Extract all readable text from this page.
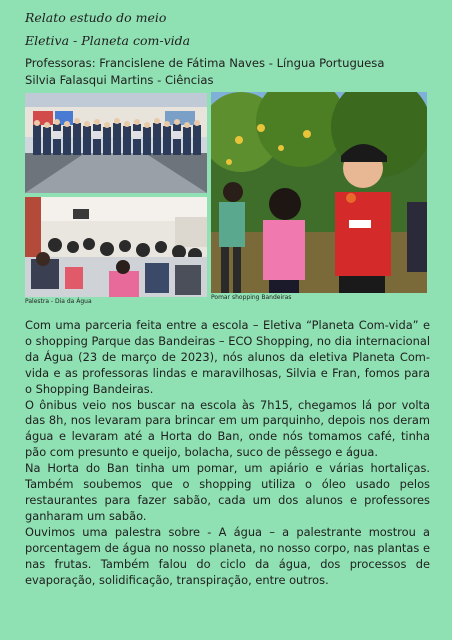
Relato estudo do meio
Eletiva - Planeta com-vida
Professoras: Francislene de Fátima Naves - Língua Portuguesa
Silvia Falasqui Martins - Ciências
Palestra - Dia da Água
Pomar shopping Bandeiras

Com uma parceria feita entre a escola – Eletiva “Planeta Com-vida” e o shopping Parque das Bandeiras – ECO Shopping, no dia internacional da Água (23 de março de 2023), nós alunos da eletiva Planeta Com-vida e as professoras lindas e maravilhosas, Silvia e Fran, fomos para o Shopping Bandeiras.

O ônibus veio nos buscar na escola às 7h15, chegamos lá por volta das 8h, nos levaram para brincar em um parquinho, depois nos deram água e levaram até a Horta do Ban, onde nós tomamos café, tinha pão com presunto e queijo, bolacha, suco de pêssego e água.

Na Horta do Ban tinha um pomar, um apiário e várias hortaliças. Também soubemos que o shopping utiliza o óleo usado pelos restaurantes para fazer sabão, cada um dos alunos e professores ganharam um sabão.

Ouvimos uma palestra sobre - A água – a palestrante mostrou a porcentagem de água no nosso planeta, no nosso corpo, nas plantas e nas frutas. Também falou do ciclo da água, dos processos de evaporação, solidificação, transpiração, entre outros.
